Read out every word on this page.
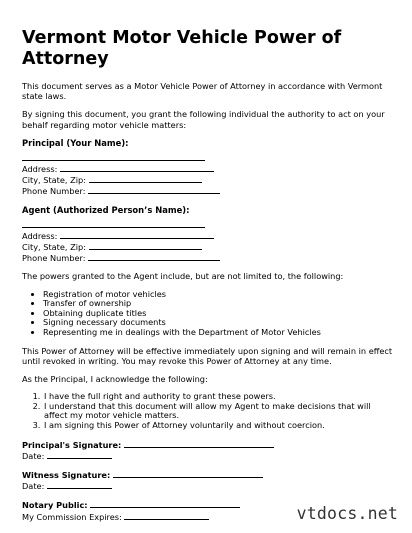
Vermont Motor Vehicle Power of Attorney
This document serves as a Motor Vehicle Power of Attorney in accordance with Vermont state laws.
By signing this document, you grant the following individual the authority to act on your behalf regarding motor vehicle matters:
Principal (Your Name):
Address:
City, State, Zip:
Phone Number:
Agent (Authorized Person’s Name):
Address:
City, State, Zip:
Phone Number:
The powers granted to the Agent include, but are not limited to, the following:
• Registration of motor vehicles
• Transfer of ownership
• Obtaining duplicate titles
• Signing necessary documents
• Representing me in dealings with the Department of Motor Vehicles
This Power of Attorney will be effective immediately upon signing and will remain in effect until revoked in writing. You may revoke this Power of Attorney at any time.
As the Principal, I acknowledge the following:
1. I have the full right and authority to grant these powers.
2. I understand that this document will allow my Agent to make decisions that will affect my motor vehicle matters.
3. I am signing this Power of Attorney voluntarily and without coercion.
Principal's Signature:
Date:
Witness Signature:
Date:
Notary Public:
My Commission Expires:	vtdocs.net
